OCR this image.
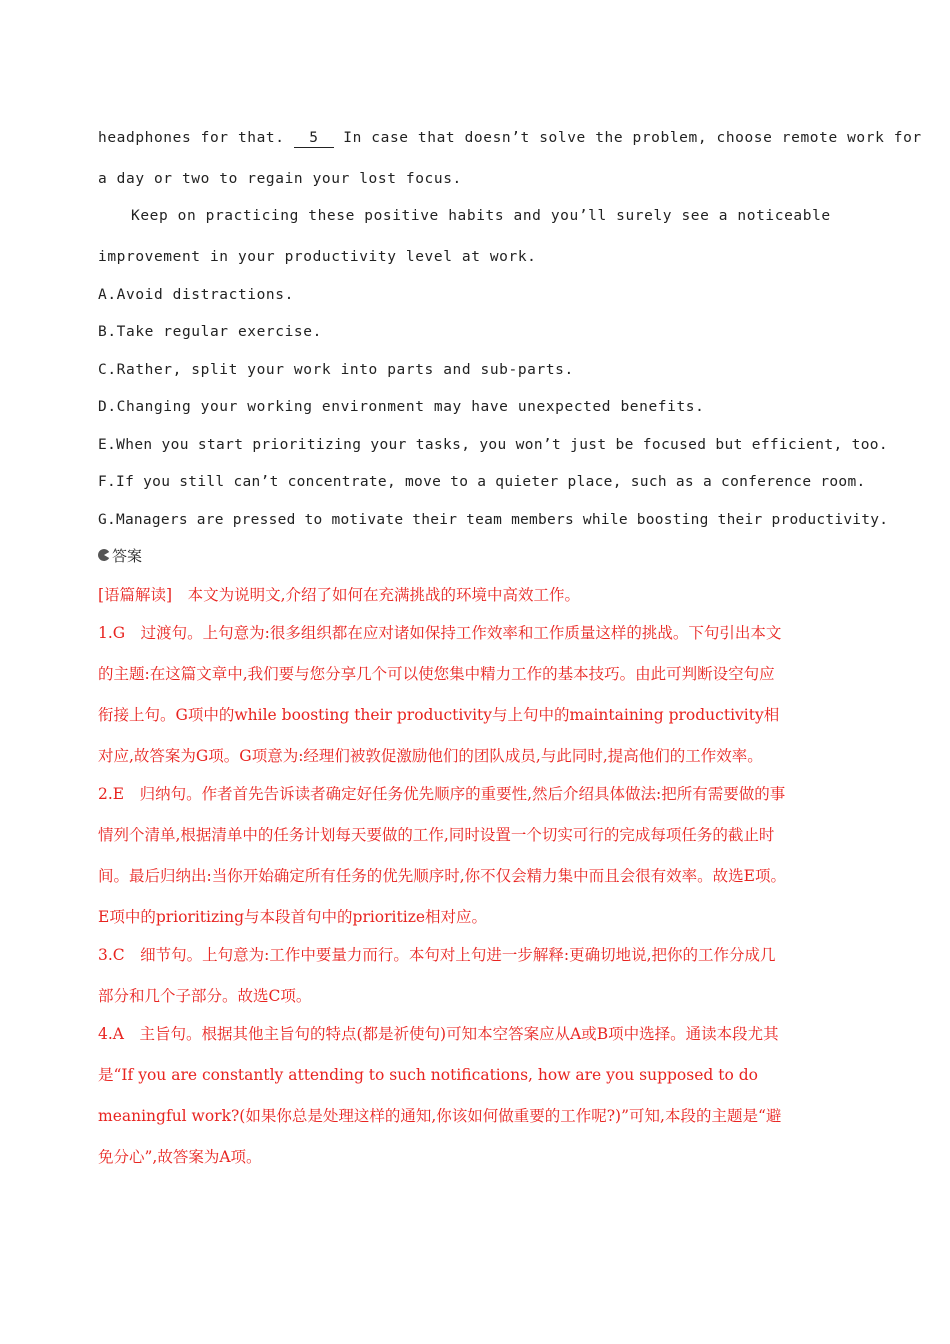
headphones for that. 5 In case that doesn’t solve the problem, choose remote work for
a day or two to regain your lost focus.
Keep on practicing these positive habits and you’ll surely see a noticeable
improvement in your productivity level at work.
A.Avoid distractions.
B.Take regular exercise.
C.Rather, split your work into parts and sub-parts.
D.Changing your working environment may have unexpected benefits.
E.When you start prioritizing your tasks, you won’t just be focused but efficient, too.
F.If you still can’t concentrate, move to a quieter place, such as a conference room.
G.Managers are pressed to motivate their team members while boosting their productivity.
答案
[语篇解读]　本文为说明文,介绍了如何在充满挑战的环境中高效工作。
1.G　过渡句。上句意为:很多组织都在应对诸如保持工作效率和工作质量这样的挑战。下句引出本文
的主题:在这篇文章中,我们要与您分享几个可以使您集中精力工作的基本技巧。由此可判断设空句应
衔接上句。G项中的while boosting their productivity与上句中的maintaining productivity相
对应,故答案为G项。G项意为:经理们被敦促激励他们的团队成员,与此同时,提高他们的工作效率。
2.E　归纳句。作者首先告诉读者确定好任务优先顺序的重要性,然后介绍具体做法:把所有需要做的事
情列个清单,根据清单中的任务计划每天要做的工作,同时设置一个切实可行的完成每项任务的截止时
间。最后归纳出:当你开始确定所有任务的优先顺序时,你不仅会精力集中而且会很有效率。故选E项。
E项中的prioritizing与本段首句中的prioritize相对应。
3.C　细节句。上句意为:工作中要量力而行。本句对上句进一步解释:更确切地说,把你的工作分成几
部分和几个子部分。故选C项。
4.A　主旨句。根据其他主旨句的特点(都是祈使句)可知本空答案应从A或B项中选择。通读本段尤其
是“If you are constantly attending to such notifications, how are you supposed to do
meaningful work?(如果你总是处理这样的通知,你该如何做重要的工作呢?)”可知,本段的主题是“避
免分心”,故答案为A项。
